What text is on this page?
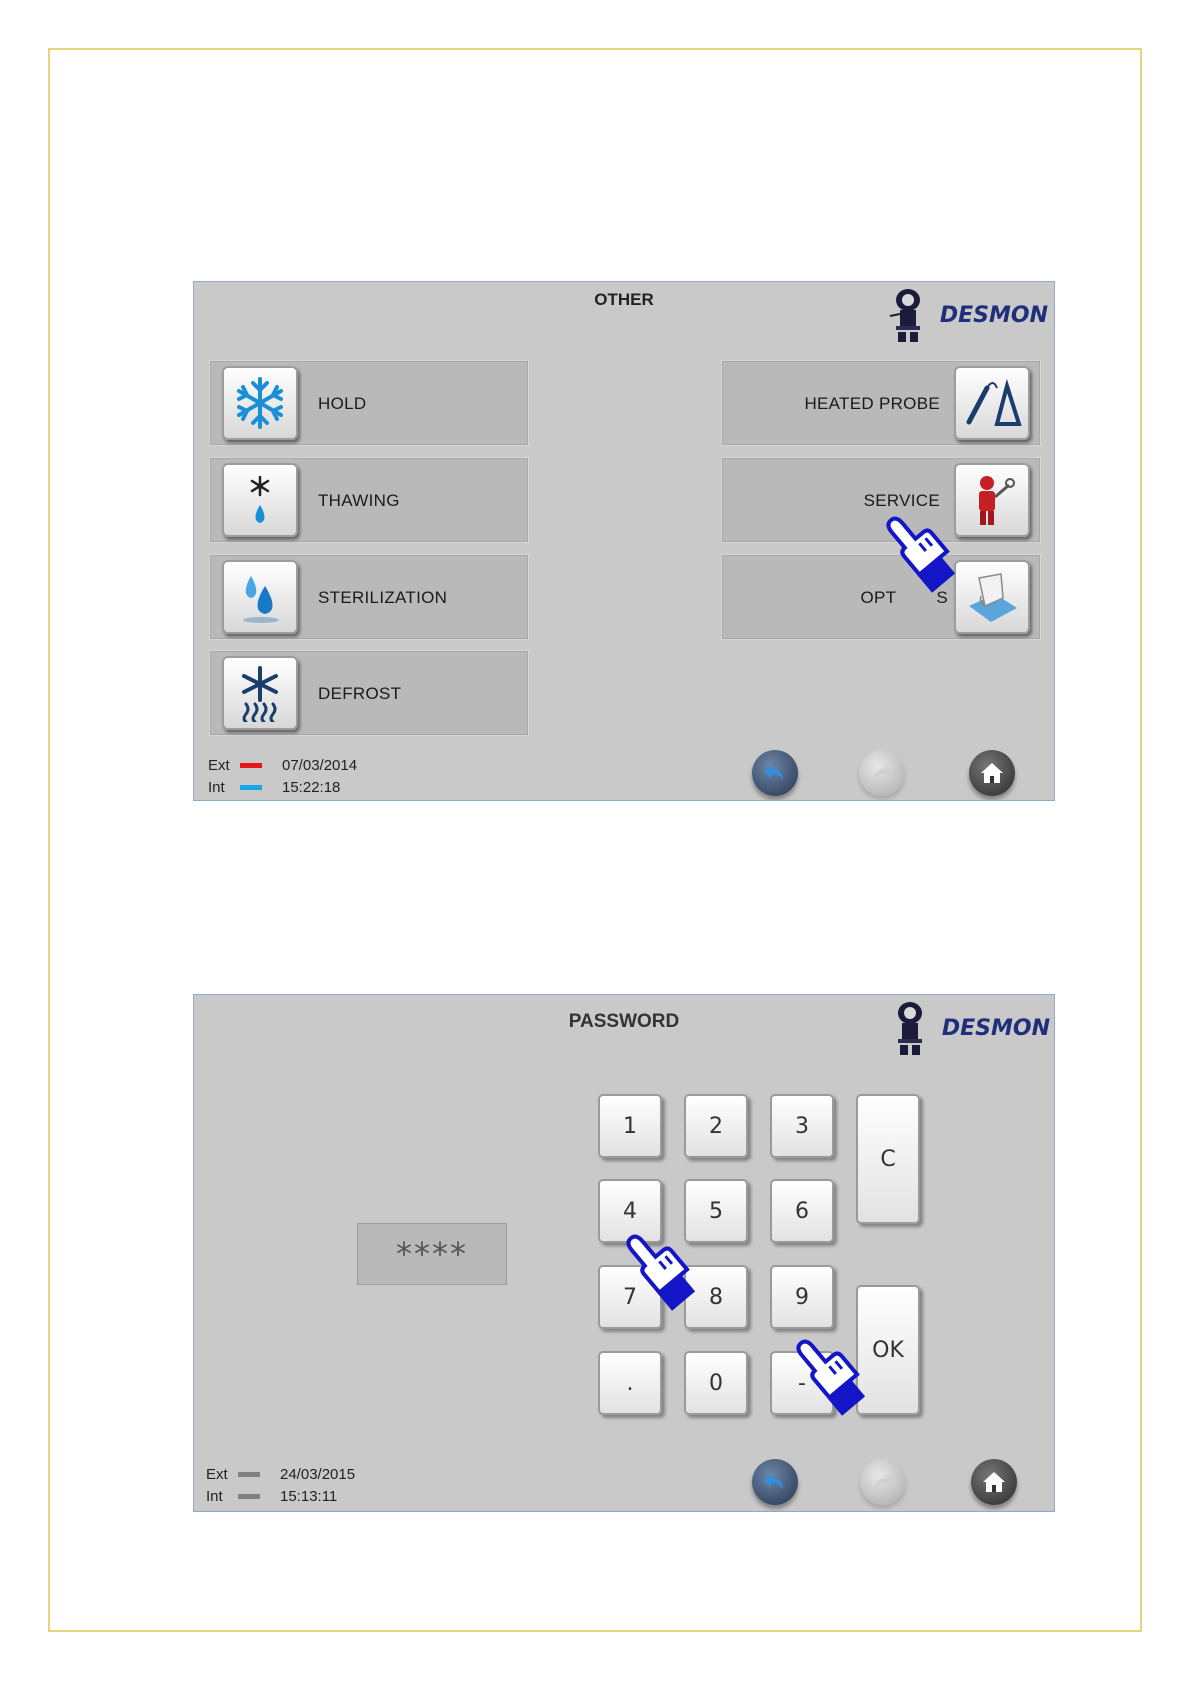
OTHER
DESMON
HOLD
THAWING
STERILIZATION
DEFROST
HEATED PROBE
SERVICE
OPT S
Ext	07/03/2014
Int	15:22:18
PASSWORD	DESMON
****
1	2	3
4	5	6
7	8	9
.	0	-
C
OK
Ext	24/03/2015
Int	15:13:11
